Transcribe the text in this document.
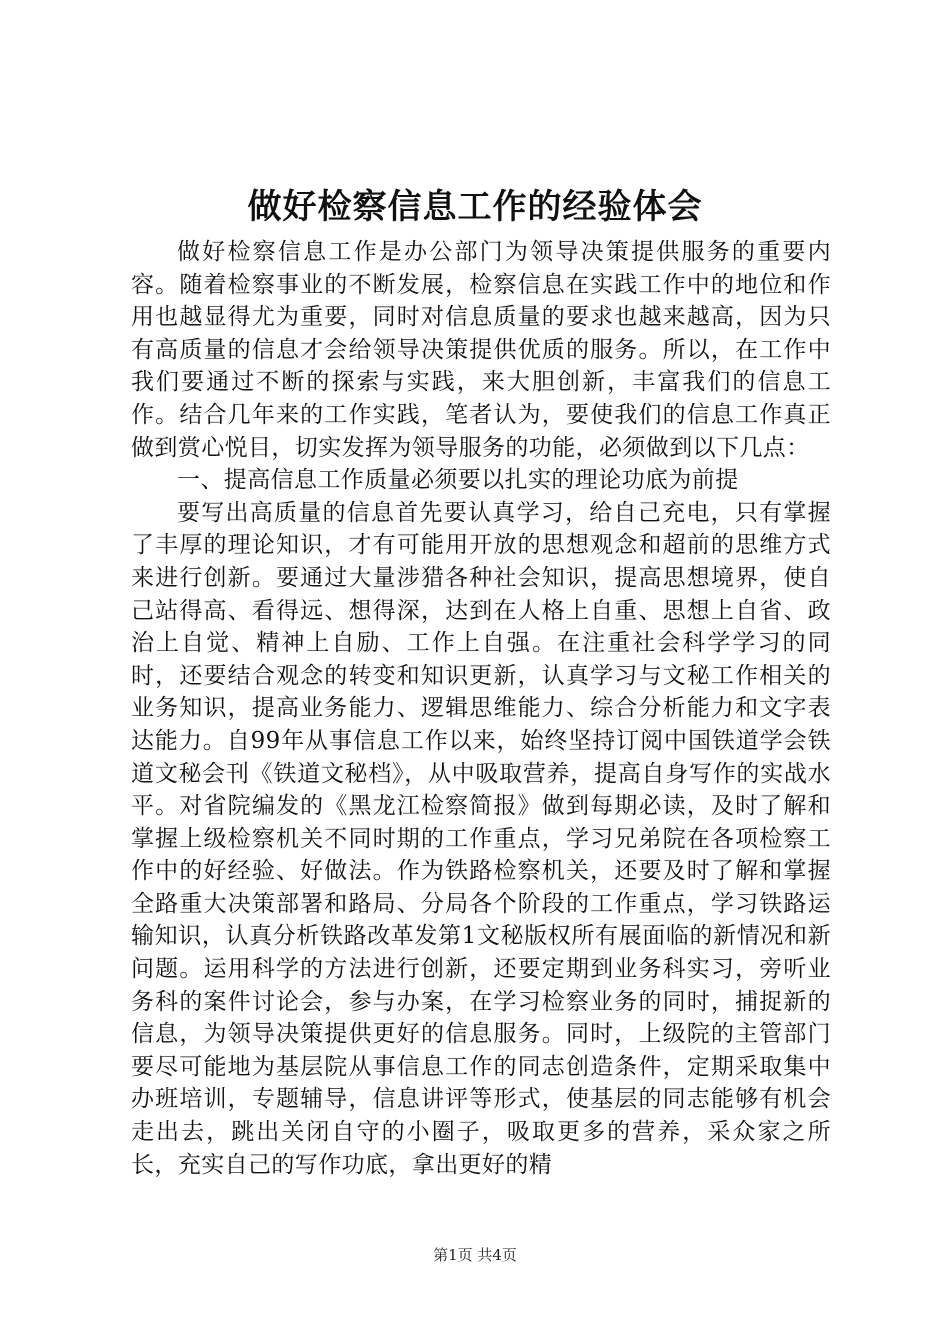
做好检察信息工作的经验体会

做好检察信息工作是办公部门为领导决策提供服务的重要内容。随着检察事业的不断发展，检察信息在实践工作中的地位和作用也越显得尤为重要，同时对信息质量的要求也越来越高，因为只有高质量的信息才会给领导决策提供优质的服务。所以，在工作中我们要通过不断的探索与实践，来大胆创新，丰富我们的信息工作。结合几年来的工作实践，笔者认为，要使我们的信息工作真正做到赏心悦目，切实发挥为领导服务的功能，必须做到以下几点：

一、提高信息工作质量必须要以扎实的理论功底为前提

要写出高质量的信息首先要认真学习，给自己充电，只有掌握了丰厚的理论知识，才有可能用开放的思想观念和超前的思维方式来进行创新。要通过大量涉猎各种社会知识，提高思想境界，使自己站得高、看得远、想得深，达到在人格上自重、思想上自省、政治上自觉、精神上自励、工作上自强。在注重社会科学学习的同时，还要结合观念的转变和知识更新，认真学习与文秘工作相关的业务知识，提高业务能力、逻辑思维能力、综合分析能力和文字表达能力。自99年从事信息工作以来，始终坚持订阅中国铁道学会铁道文秘会刊《铁道文秘档》，从中吸取营养，提高自身写作的实战水平。对省院编发的《黑龙江检察简报》做到每期必读，及时了解和掌握上级检察机关不同时期的工作重点，学习兄弟院在各项检察工作中的好经验、好做法。作为铁路检察机关，还要及时了解和掌握全路重大决策部署和路局、分局各个阶段的工作重点，学习铁路运输知识，认真分析铁路改革发第1文秘版权所有展面临的新情况和新问题。运用科学的方法进行创新，还要定期到业务科实习，旁听业务科的案件讨论会，参与办案，在学习检察业务的同时，捕捉新的信息，为领导决策提供更好的信息服务。同时，上级院的主管部门要尽可能地为基层院从事信息工作的同志创造条件，定期采取集中办班培训，专题辅导，信息讲评等形式，使基层的同志能够有机会走出去，跳出关闭自守的小圈子，吸取更多的营养，采众家之所长，充实自己的写作功底，拿出更好的精

第1页 共4页
